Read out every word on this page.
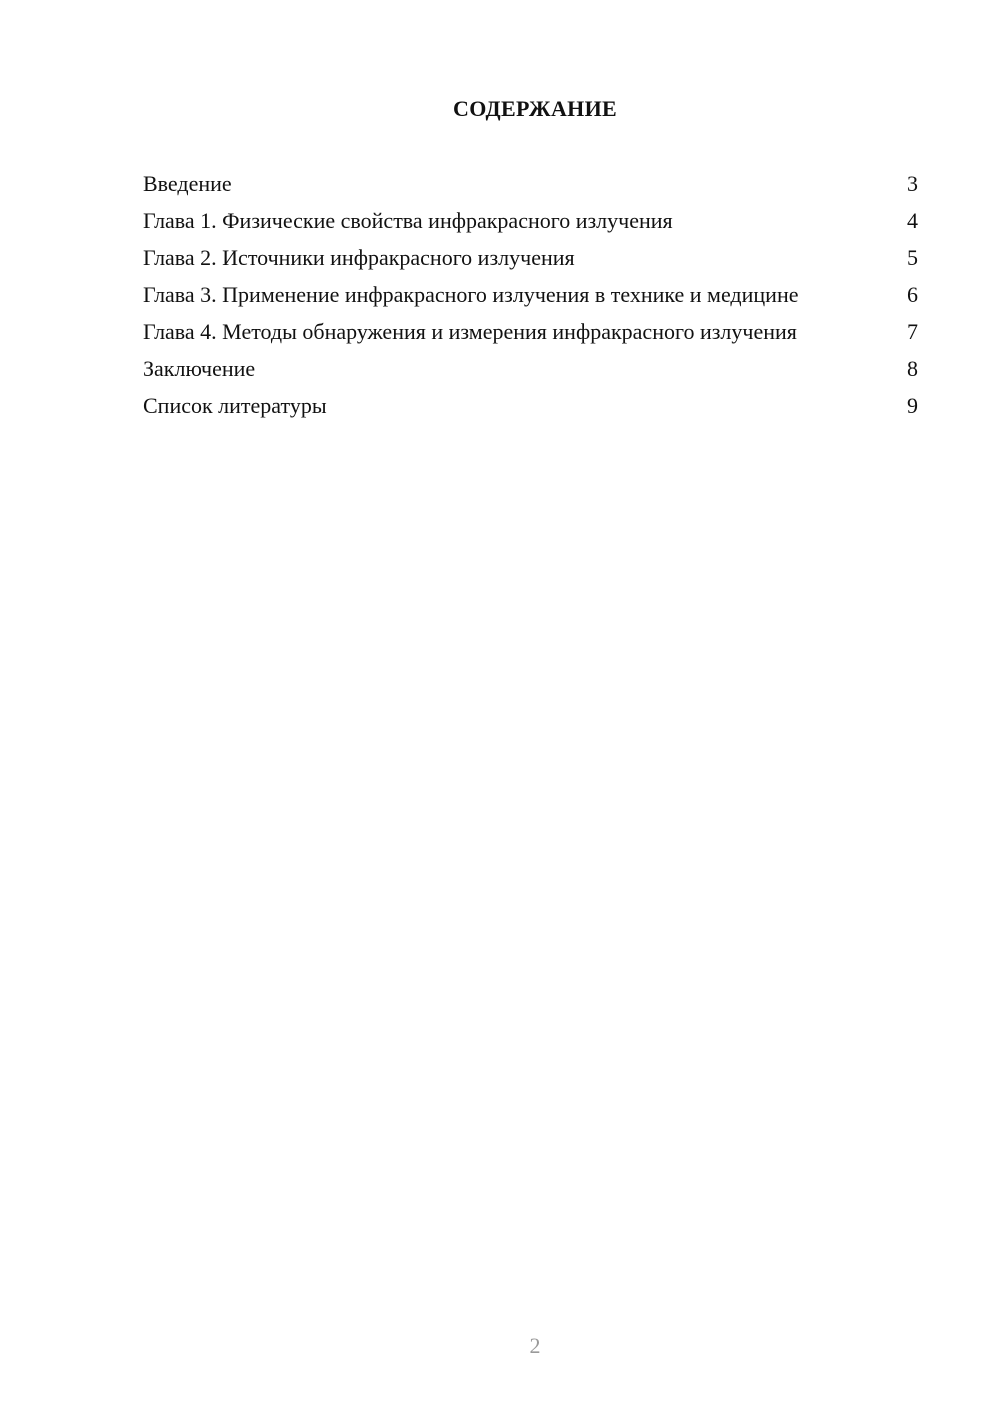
СОДЕРЖАНИЕ
Введение	3
Глава 1. Физические свойства инфракрасного излучения	4
Глава 2. Источники инфракрасного излучения	5
Глава 3. Применение инфракрасного излучения в технике и медицине	6
Глава 4. Методы обнаружения и измерения инфракрасного излучения	7
Заключение	8
Список литературы	9
2
